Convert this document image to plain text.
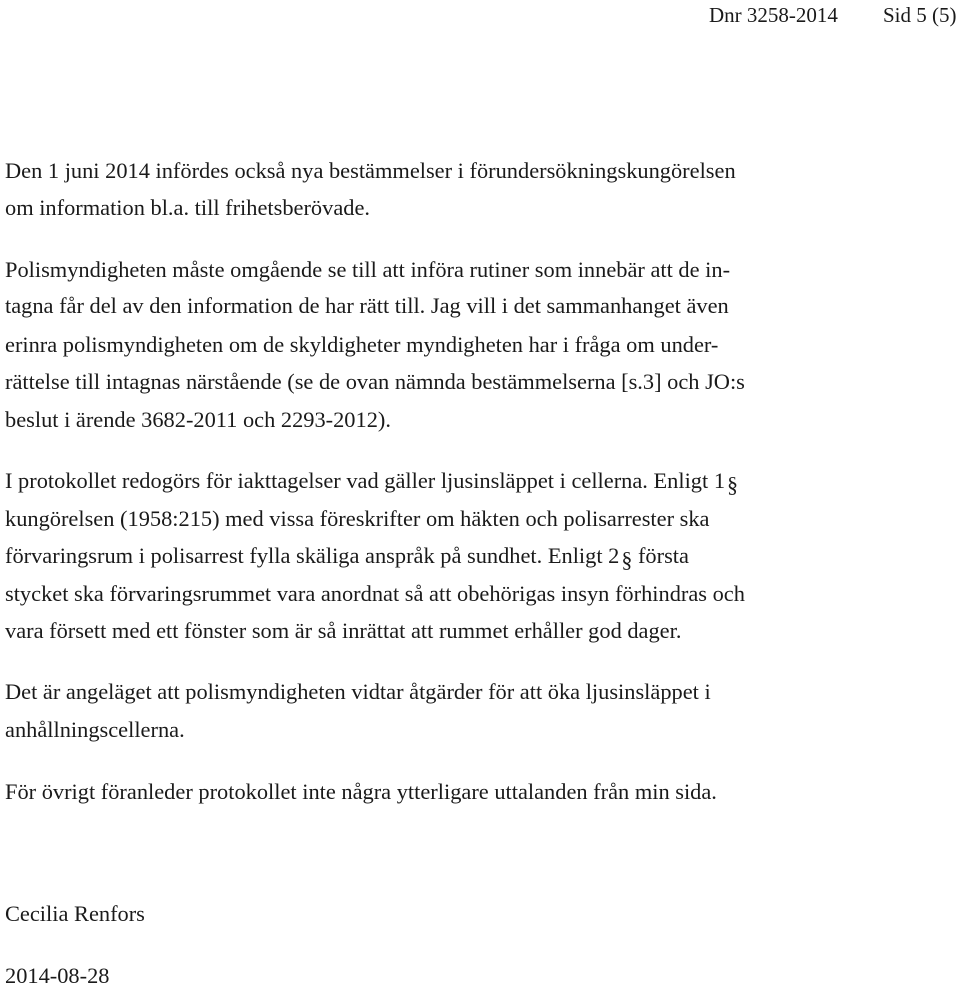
Dnr 3258-2014 Sid 5 (5)
Den 1 juni 2014 infördes också nya bestämmelser i förundersökningskungörelsen
om information bl.a. till frihetsberövade.
Polismyndigheten måste omgående se till att införa rutiner som innebär att de in-
tagna får del av den information de har rätt till. Jag vill i det sammanhanget även
erinra polismyndigheten om de skyldigheter myndigheten har i fråga om under-
rättelse till intagnas närstående (se de ovan nämnda bestämmelserna [s.3] och JO:s
beslut i ärende 3682-2011 och 2293-2012).
I protokollet redogörs för iakttagelser vad gäller ljusinsläppet i cellerna. Enligt 1§
kungörelsen (1958:215) med vissa föreskrifter om häkten och polisarrester ska
förvaringsrum i polisarrest fylla skäliga anspråk på sundhet. Enligt 2§ första
stycket ska förvaringsrummet vara anordnat så att obehörigas insyn förhindras och
vara försett med ett fönster som är så inrättat att rummet erhåller god dager.
Det är angeläget att polismyndigheten vidtar åtgärder för att öka ljusinsläppet i
anhållningscellerna.
För övrigt föranleder protokollet inte några ytterligare uttalanden från min sida.
Cecilia Renfors
2014-08-28
